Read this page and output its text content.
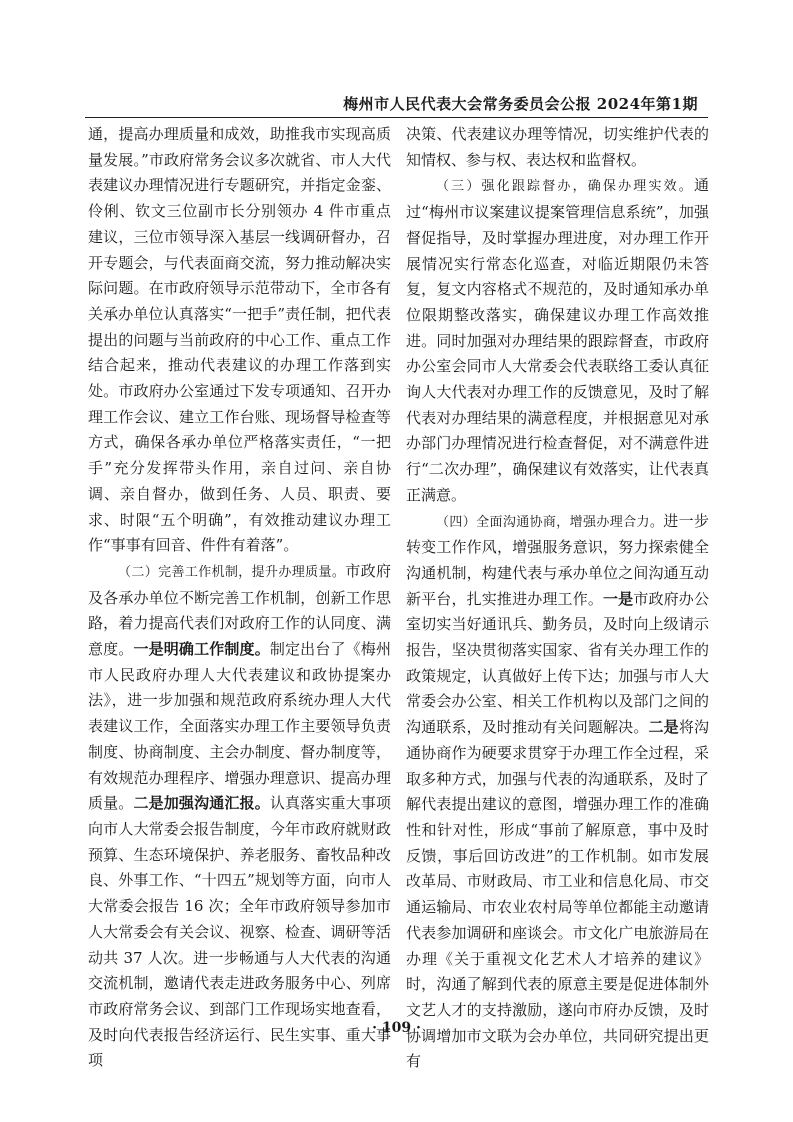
梅州市人民代表大会常务委员会公报 2024年第1期

通，提高办理质量和成效，助推我市实现高质量发展。”市政府常务会议多次就省、市人大代表建议办理情况进行专题研究，并指定金銮、伶俐、钦文三位副市长分别领办 4 件市重点建议，三位市领导深入基层一线调研督办，召开专题会，与代表面商交流，努力推动解决实际问题。在市政府领导示范带动下，全市各有关承办单位认真落实“一把手”责任制，把代表提出的问题与当前政府的中心工作、重点工作结合起来，推动代表建议的办理工作落到实处。市政府办公室通过下发专项通知、召开办理工作会议、建立工作台账、现场督导检查等方式，确保各承办单位严格落实责任，“一把手”充分发挥带头作用，亲自过问、亲自协调、亲自督办，做到任务、人员、职责、要求、时限“五个明确”，有效推动建议办理工作“事事有回音、件件有着落”。

（二）完善工作机制，提升办理质量。市政府及各承办单位不断完善工作机制，创新工作思路，着力提高代表们对政府工作的认同度、满意度。一是明确工作制度。制定出台了《梅州市人民政府办理人大代表建议和政协提案办法》，进一步加强和规范政府系统办理人大代表建议工作，全面落实办理工作主要领导负责制度、协商制度、主会办制度、督办制度等，有效规范办理程序、增强办理意识、提高办理质量。二是加强沟通汇报。认真落实重大事项向市人大常委会报告制度，今年市政府就财政预算、生态环境保护、养老服务、畜牧品种改良、外事工作、“十四五”规划等方面，向市人大常委会报告 16 次；全年市政府领导参加市人大常委会有关会议、视察、检查、调研等活动共 37 人次。进一步畅通与人大代表的沟通交流机制，邀请代表走进政务服务中心、列席市政府常务会议、到部门工作现场实地查看，及时向代表报告经济运行、民生实事、重大事项

决策、代表建议办理等情况，切实维护代表的知情权、参与权、表达权和监督权。

（三）强化跟踪督办，确保办理实效。通过“梅州市议案建议提案管理信息系统”，加强督促指导，及时掌握办理进度，对办理工作开展情况实行常态化巡查，对临近期限仍未答复，复文内容格式不规范的，及时通知承办单位限期整改落实，确保建议办理工作高效推进。同时加强对办理结果的跟踪督查，市政府办公室会同市人大常委会代表联络工委认真征询人大代表对办理工作的反馈意见，及时了解代表对办理结果的满意程度，并根据意见对承办部门办理情况进行检查督促，对不满意件进行“二次办理”，确保建议有效落实，让代表真正满意。

（四）全面沟通协商，增强办理合力。进一步转变工作作风，增强服务意识，努力探索健全沟通机制，构建代表与承办单位之间沟通互动新平台，扎实推进办理工作。一是市政府办公室切实当好通讯兵、勤务员，及时向上级请示报告，坚决贯彻落实国家、省有关办理工作的政策规定，认真做好上传下达；加强与市人大常委会办公室、相关工作机构以及部门之间的沟通联系，及时推动有关问题解决。二是将沟通协商作为硬要求贯穿于办理工作全过程，采取多种方式，加强与代表的沟通联系，及时了解代表提出建议的意图，增强办理工作的准确性和针对性，形成“事前了解原意，事中及时反馈，事后回访改进”的工作机制。如市发展改革局、市财政局、市工业和信息化局、市交通运输局、市农业农村局等单位都能主动邀请代表参加调研和座谈会。市文化广电旅游局在办理《关于重视文化艺术人才培养的建议》时，沟通了解到代表的原意主要是促进体制外文艺人才的支持激励，遂向市府办反馈，及时协调增加市文联为会办单位，共同研究提出更有

· 109 ·
